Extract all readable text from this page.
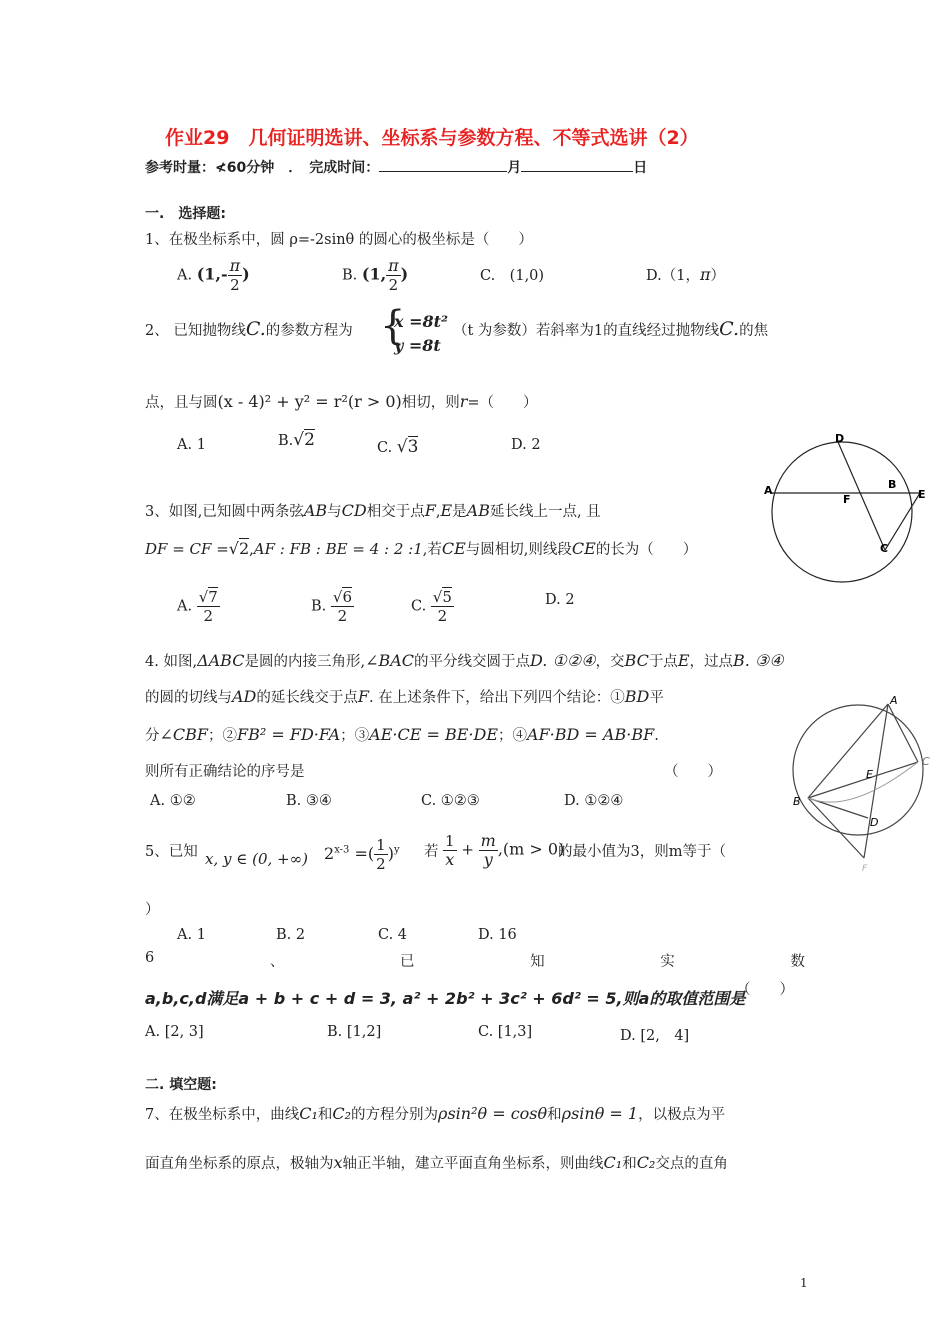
作业29　几何证明选讲、坐标系与参数方程、不等式选讲（2）
参考时量：≮60分钟　．　完成时间：	月	日
一.　选择题:
1、在极坐标系中，圆 ρ=-2sinθ 的圆心的极坐标是（　　）
A. ($1,- \frac{\pi}{2}$ )	B. (1, $\frac{\pi}{2}$ )	C.　(1,0)	D.（1，π）
2、 已知抛物线C.的参数方程为 {
x =8t²
y =8t
（t 为参数）若斜率为1的直线经过抛物线C.的焦
点，且与圆(x - 4)² + y² = r²(r > 0)相切，则r=（　　）
A. 1	B.√2	C. √3	D. 2
A	B
C
D
E
F
3、如图,已知圆中两条弦AB与CD相交于点F,E是AB延长线上一点, 且
DF = CF =√2,AF : FB : BE = 4 : 2 :1,若CE与圆相切,则线段CE的长为（　　）
A. $\frac{√7}{2}$	B. $\frac{√6}{2}$	C. $\frac{√5}{2}$	D. 2
A
B
C
D
E
F
4. 如图,ΔABC是圆的内接三角形,∠BAC的平分线交圆于点D. ①②④，交BC于点E，过点B. ③④
的圆的切线与AD的延长线交于点F. 在上述条件下，给出下列四个结论：①BD平
分∠CBF；②FB² = FD·FA；③AE·CE = BE·DE；④AF·BD = AB·BF.
则所有正确结论的序号是	（　　）
A. ①②	B. ③④	C. ①②③	D. ①②④
5、已知 x, y ∈ (0, +∞) $2^{x-3}$ =( $\frac{1}{2} )^y$ 若 $\frac{1}{x} + \frac{m}{y} ,(m > 0)$
的最小值为3，则m等于（
）
A. 1	B. 2	C. 4	D. 16
6	、	已	知	实	数
a,b,c,d满足a + b + c + d = 3, a² + 2b² + 3c² + 6d² = 5,则a的取值范围是
（　　）
A. [2, 3]	B. [1,2]	C. [1,3]	D. [2,　4]
二. 填空题:
7、在极坐标系中，曲线C₁和C₂的方程分别为ρsin²θ = cosθ和ρsinθ = 1，以极点为平
面直角坐标系的原点，极轴为x轴正半轴，建立平面直角坐标系，则曲线C₁和C₂交点的直角
1
